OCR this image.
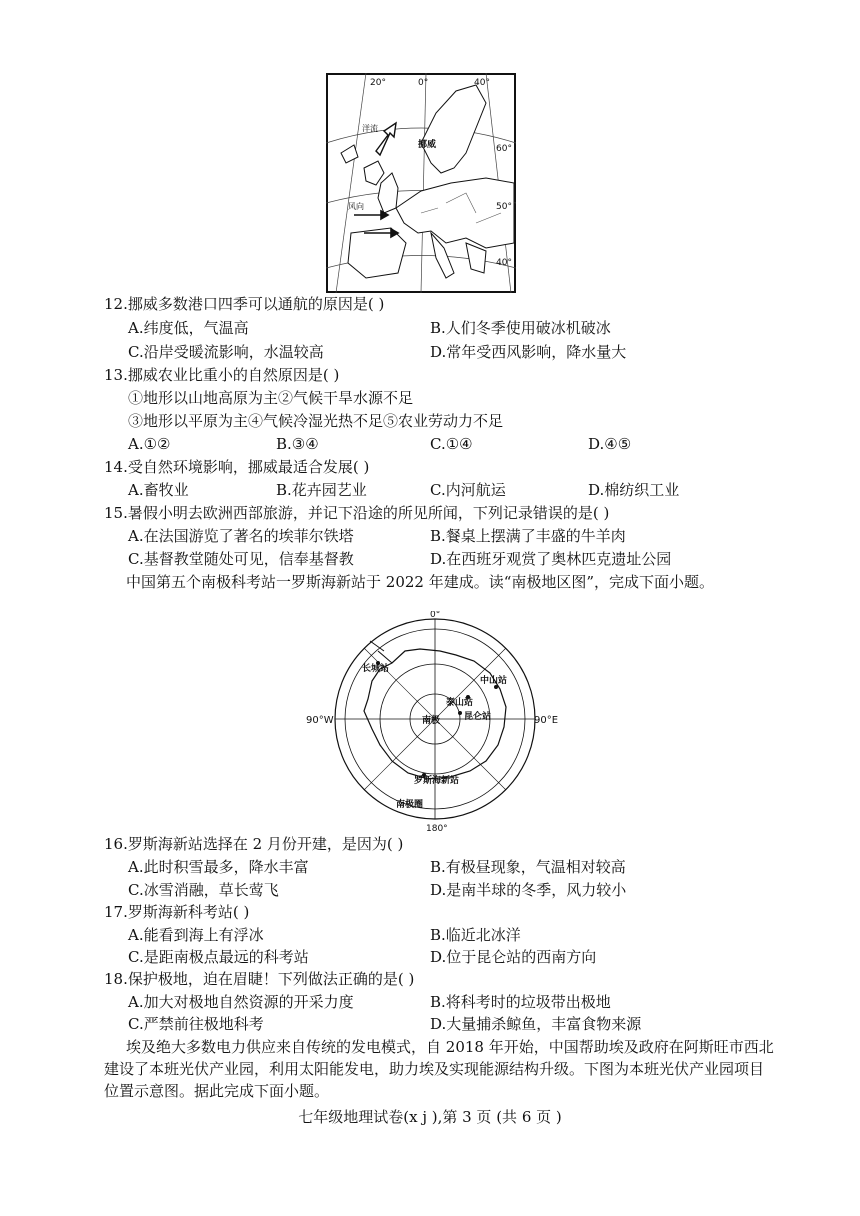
20°	0°	40°
60°
50°
40°
洋流
挪威
风向
12.挪威多数港口四季可以通航的原因是( )
A.纬度低，气温高	B.人们冬季使用破冰机破冰
C.沿岸受暖流影响，水温较高	D.常年受西风影响，降水量大
13.挪威农业比重小的自然原因是( )
①地形以山地高原为主②气候干旱水源不足
③地形以平原为主④气候冷湿光热不足⑤农业劳动力不足
A.①②	B.③④	C.①④	D.④⑤
14.受自然环境影响，挪威最适合发展( )
A.畜牧业	B.花卉园艺业	C.内河航运	D.棉纺织工业
15.暑假小明去欧洲西部旅游，并记下沿途的所见所闻，下列记录错误的是( )
A.在法国游览了著名的埃菲尔铁塔	B.餐桌上摆满了丰盛的牛羊肉
C.基督教堂随处可见，信奉基督教	D.在西班牙观赏了奥林匹克遗址公园
中国第五个南极科考站一罗斯海新站于 2022 年建成。读“南极地区图”，完成下面小题。
0°
90°W	90°E
180°
长城站
泰山站
中山站
昆仑站
南极
罗斯海新站
南极圈
16.罗斯海新站选择在 2 月份开建，是因为( )
A.此时积雪最多，降水丰富	B.有极昼现象，气温相对较高
C.冰雪消融，草长莺飞	D.是南半球的冬季，风力较小
17.罗斯海新科考站( )
A.能看到海上有浮冰	B.临近北冰洋
C.是距南极点最远的科考站	D.位于昆仑站的西南方向
18.保护极地，迫在眉睫！下列做法正确的是( )
A.加大对极地自然资源的开采力度	B.将科考时的垃圾带出极地
C.严禁前往极地科考	D.大量捕杀鲸鱼，丰富食物来源
埃及绝大多数电力供应来自传统的发电模式，自 2018 年开始，中国帮助埃及政府在阿斯旺市西北建设了本班光伏产业园，利用太阳能发电，助力埃及实现能源结构升级。下图为本班光伏产业园项目位置示意图。据此完成下面小题。
七年级地理试卷(x j ),第 3 页 (共 6 页 )
